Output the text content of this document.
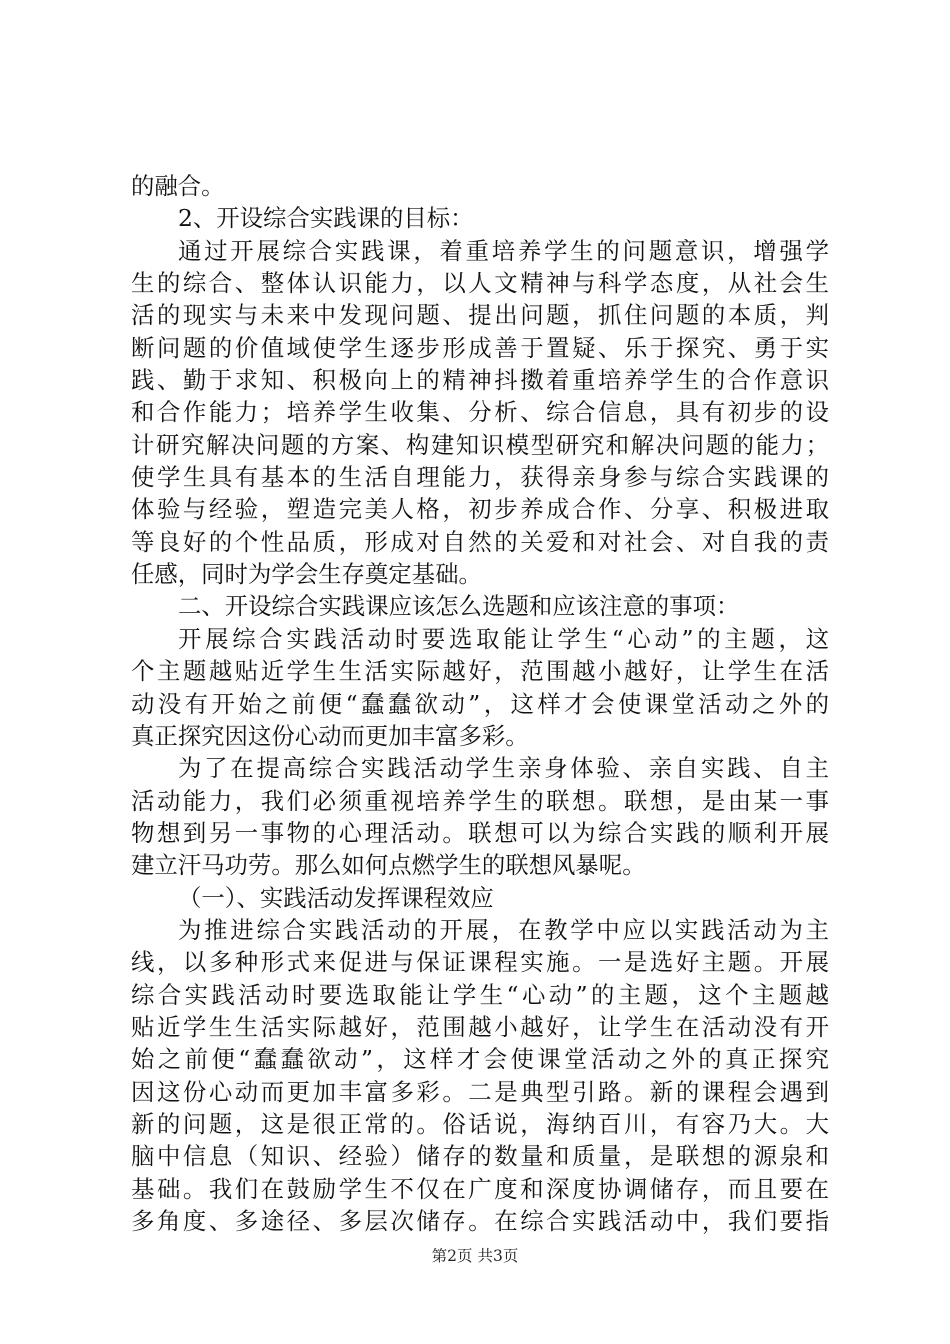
的融合。
2、开设综合实践课的目标：
通过开展综合实践课，着重培养学生的问题意识，增强学
生的综合、整体认识能力，以人文精神与科学态度，从社会生
活的现实与未来中发现问题、提出问题，抓住问题的本质，判
断问题的价值域使学生逐步形成善于置疑、乐于探究、勇于实
践、勤于求知、积极向上的精神抖擞着重培养学生的合作意识
和合作能力；培养学生收集、分析、综合信息，具有初步的设
计研究解决问题的方案、构建知识模型研究和解决问题的能力；
使学生具有基本的生活自理能力，获得亲身参与综合实践课的
体验与经验，塑造完美人格，初步养成合作、分享、积极进取
等良好的个性品质，形成对自然的关爱和对社会、对自我的责
任感，同时为学会生存奠定基础。
二、开设综合实践课应该怎么选题和应该注意的事项：
开展综合实践活动时要选取能让学生“心动”的主题，这
个主题越贴近学生生活实际越好，范围越小越好，让学生在活
动没有开始之前便“蠢蠢欲动”，这样才会使课堂活动之外的
真正探究因这份心动而更加丰富多彩。
为了在提高综合实践活动学生亲身体验、亲自实践、自主
活动能力，我们必须重视培养学生的联想。联想，是由某一事
物想到另一事物的心理活动。联想可以为综合实践的顺利开展
建立汗马功劳。那么如何点燃学生的联想风暴呢。
（一）、实践活动发挥课程效应
为推进综合实践活动的开展，在教学中应以实践活动为主
线，以多种形式来促进与保证课程实施。一是选好主题。开展
综合实践活动时要选取能让学生“心动”的主题，这个主题越
贴近学生生活实际越好，范围越小越好，让学生在活动没有开
始之前便“蠢蠢欲动”，这样才会使课堂活动之外的真正探究
因这份心动而更加丰富多彩。二是典型引路。新的课程会遇到
新的问题，这是很正常的。俗话说，海纳百川，有容乃大。大
脑中信息（知识、经验）储存的数量和质量，是联想的源泉和
基础。我们在鼓励学生不仅在广度和深度协调储存，而且要在
多角度、多途径、多层次储存。在综合实践活动中，我们要指
第2页 共3页
